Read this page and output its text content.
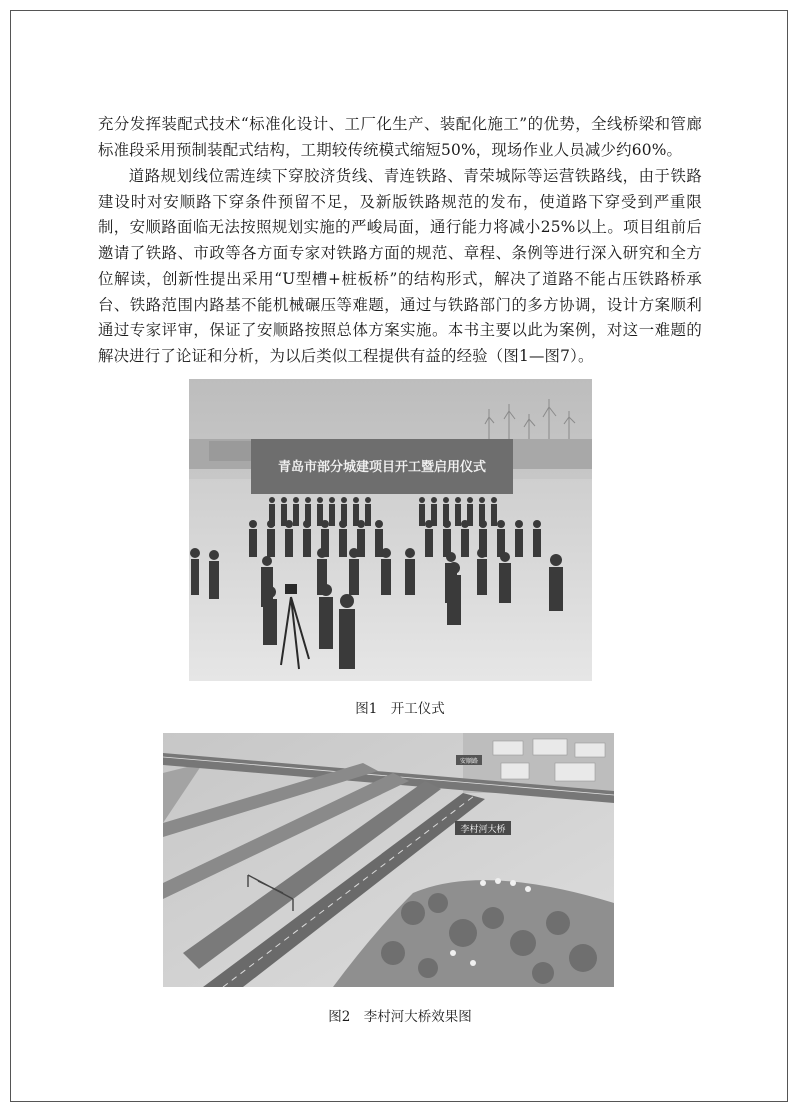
充分发挥装配式技术“标准化设计、工厂化生产、装配化施工”的优势，全线桥梁和管廊标准段采用预制装配式结构，工期较传统模式缩短50%，现场作业人员减少约60%。

道路规划线位需连续下穿胶济货线、青连铁路、青荣城际等运营铁路线，由于铁路建设时对安顺路下穿条件预留不足，及新版铁路规范的发布，使道路下穿受到严重限制，安顺路面临无法按照规划实施的严峻局面，通行能力将减小25%以上。项目组前后邀请了铁路、市政等各方面专家对铁路方面的规范、章程、条例等进行深入研究和全方位解读，创新性提出采用“U型槽+桩板桥”的结构形式，解决了道路不能占压铁路桥承台、铁路范围内路基不能机械碾压等难题，通过与铁路部门的多方协调，设计方案顺利通过专家评审，保证了安顺路按照总体方案实施。本书主要以此为案例，对这一难题的解决进行了论证和分析，为以后类似工程提供有益的经验（图1—图7）。

青岛市部分城建项目开工暨启用仪式
图1　开工仪式
李村河大桥
安顺路
图2　李村河大桥效果图
